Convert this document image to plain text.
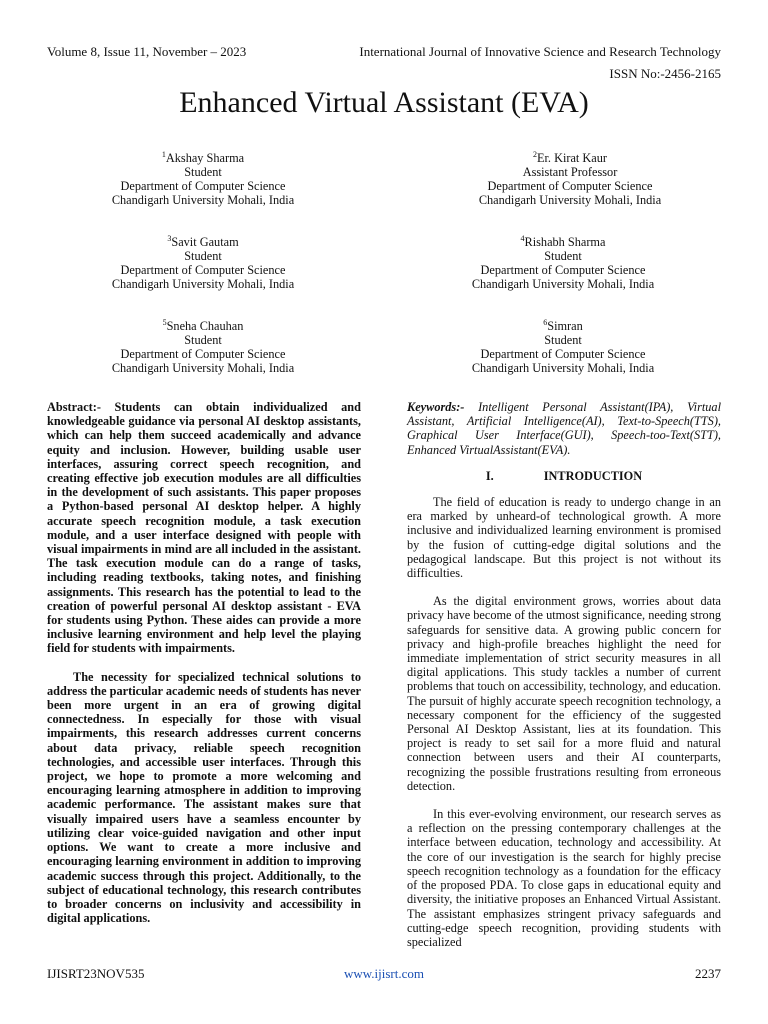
Volume 8, Issue 11, November – 2023	International Journal of Innovative Science and Research Technology
ISSN No:-2456-2165
Enhanced Virtual Assistant (EVA)
$^1$Akshay Sharma
Student
Department of Computer Science
Chandigarh University Mohali, India
$^2$Er. Kirat Kaur
Assistant Professor
Department of Computer Science
Chandigarh University Mohali, India
$^3$Savit Gautam
Student
Department of Computer Science
Chandigarh University Mohali, India
$^4$Rishabh Sharma
Student
Department of Computer Science
Chandigarh University Mohali, India
$^5$Sneha Chauhan
Student
Department of Computer Science
Chandigarh University Mohali, India
$^6$Simran
Student
Department of Computer Science
Chandigarh University Mohali, India

Abstract:- Students can obtain individualized and knowledgeable guidance via personal AI desktop assistants, which can help them succeed academically and advance equity and inclusion. However, building usable user interfaces, assuring correct speech recognition, and creating effective job execution modules are all difficulties in the development of such assistants. This paper proposes a Python-based personal AI desktop helper. A highly accurate speech recognition module, a task execution module, and a user interface designed with people with visual impairments in mind are all included in the assistant. The task execution module can do a range of tasks, including reading textbooks, taking notes, and finishing assignments. This research has the potential to lead to the creation of powerful personal AI desktop assistant - EVA for students using Python. These aides can provide a more inclusive learning environment and help level the playing field for students with impairments.

The necessity for specialized technical solutions to address the particular academic needs of students has never been more urgent in an era of growing digital connectedness. In especially for those with visual impairments, this research addresses current concerns about data privacy, reliable speech recognition technologies, and accessible user interfaces. Through this project, we hope to promote a more welcoming and encouraging learning atmosphere in addition to improving academic performance. The assistant makes sure that visually impaired users have a seamless encounter by utilizing clear voice-guided navigation and other input options. We want to create a more inclusive and encouraging learning environment in addition to improving academic success through this project. Additionally, to the subject of educational technology, this research contributes to broader concerns on inclusivity and accessibility in digital applications.

Keywords:- Intelligent Personal Assistant(IPA), Virtual Assistant, Artificial Intelligence(AI), Text-to-Speech(TTS), Graphical User Interface(GUI), Speech-too-Text(STT), Enhanced VirtualAssistant(EVA).

I.	INTRODUCTION

The field of education is ready to undergo change in an era marked by unheard-of technological growth. A more inclusive and individualized learning environment is promised by the fusion of cutting-edge digital solutions and the pedagogical landscape. But this project is not without its difficulties.

As the digital environment grows, worries about data privacy have become of the utmost significance, needing strong safeguards for sensitive data. A growing public concern for privacy and high-profile breaches highlight the need for immediate implementation of strict security measures in all digital applications. This study tackles a number of current problems that touch on accessibility, technology, and education. The pursuit of highly accurate speech recognition technology, a necessary component for the efficiency of the suggested Personal AI Desktop Assistant, lies at its foundation. This project is ready to set sail for a more fluid and natural connection between users and their AI counterparts, recognizing the possible frustrations resulting from erroneous detection.

In this ever-evolving environment, our research serves as a reflection on the pressing contemporary challenges at the interface between education, technology and accessibility. At the core of our investigation is the search for highly precise speech recognition technology as a foundation for the efficacy of the proposed PDA. To close gaps in educational equity and diversity, the initiative proposes an Enhanced Virtual Assistant. The assistant emphasizes stringent privacy safeguards and cutting-edge speech recognition, providing students with specialized

IJISRT23NOV535	www.ijisrt.com	2237
